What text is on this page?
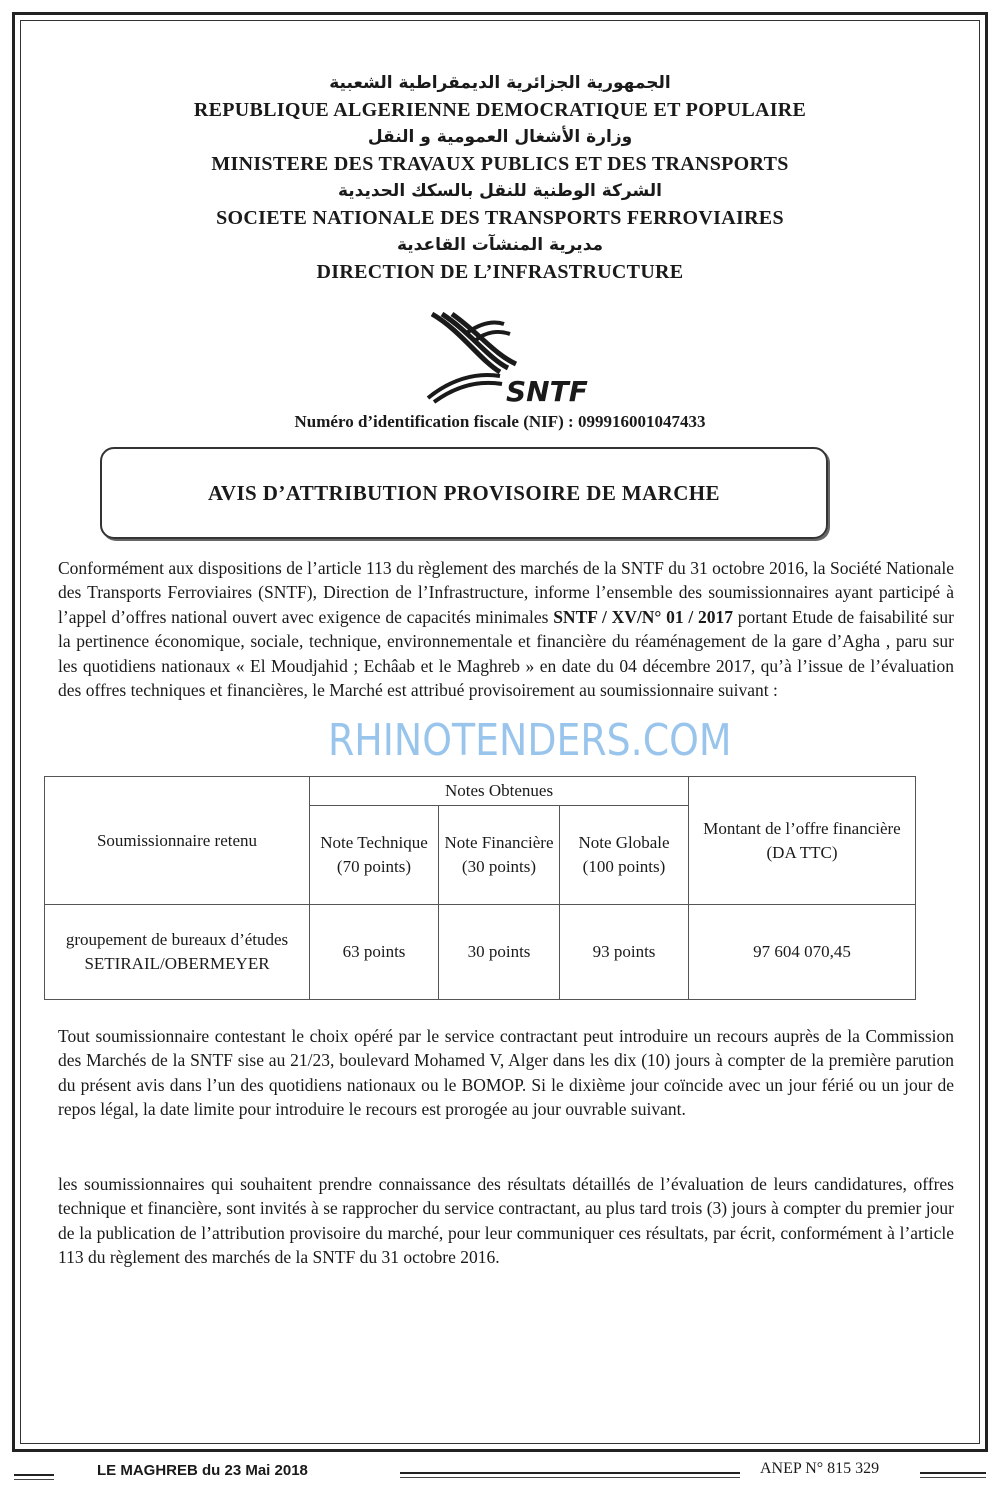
الجمهورية الجزائرية الديمقراطية الشعبية
REPUBLIQUE ALGERIENNE DEMOCRATIQUE ET POPULAIRE
وزارة الأشغال العمومية و النقل
MINISTERE DES TRAVAUX PUBLICS ET DES TRANSPORTS
الشركة الوطنية للنقل بالسكك الحديدية
SOCIETE NATIONALE DES TRANSPORTS FERROVIAIRES
مديرية المنشآت القاعدية
DIRECTION DE L’INFRASTRUCTURE
SNTF
Numéro d’identification fiscale (NIF) : 099916001047433
AVIS D’ATTRIBUTION PROVISOIRE DE MARCHE
Conformément aux dispositions de l’article 113 du règlement des marchés de la SNTF du 31 octobre 2016, la Société Nationale des Transports Ferroviaires (SNTF), Direction de l’Infrastructure, informe l’ensemble des soumissionnaires ayant participé à l’appel d’offres national ouvert avec exigence de capacités minimales SNTF / XV/N° 01 / 2017 portant Etude de faisabilité sur la pertinence économique, sociale, technique, environnementale et financière du réaménagement de la gare d’Agha , paru sur les quotidiens nationaux « El Moudjahid ; Echâab et le Maghreb » en date du 04 décembre 2017, qu’à l’issue de l’évaluation des offres techniques et financières, le Marché est attribué provisoirement au soumissionnaire suivant :
RHINOTENDERS.COM
Soumissionnaire retenu	Notes Obtenues			Montant de l’offre financière (DA TTC)
	Note Technique (70 points)	Note Financière (30 points)	Note Globale (100 points)	
groupement de bureaux d’études SETIRAIL/OBERMEYER	63 points	30 points	93 points	97 604 070,45
Tout soumissionnaire contestant le choix opéré par le service contractant peut introduire un recours auprès de la Commission des Marchés de la SNTF sise au 21/23, boulevard Mohamed V, Alger dans les dix (10) jours à compter de la première parution du présent avis dans l’un des quotidiens nationaux ou le BOMOP. Si le dixième jour coïncide avec un jour férié ou un jour de repos légal, la date limite pour introduire le recours est prorogée au jour ouvrable suivant.
les soumissionnaires qui souhaitent prendre connaissance des résultats détaillés de l’évaluation de leurs candidatures, offres technique et financière, sont invités à se rapprocher du service contractant, au plus tard trois (3) jours à compter du premier jour de la publication de l’attribution provisoire du marché, pour leur communiquer ces résultats, par écrit, conformément à l’article 113 du règlement des marchés de la SNTF du 31 octobre 2016.
LE MAGHREB du 23 Mai 2018	ANEP N° 815 329
